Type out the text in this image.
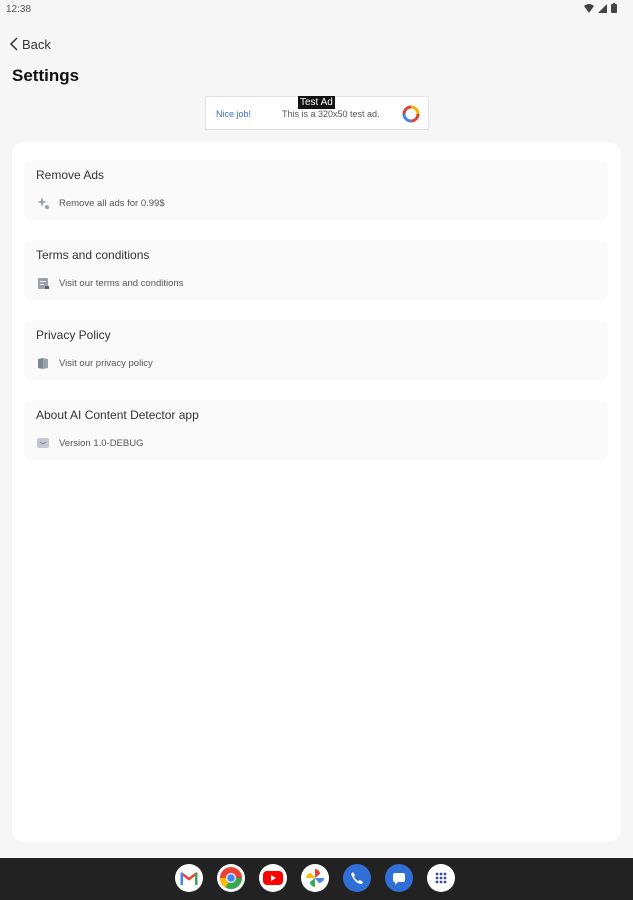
12:38
Back
Settings
Test Ad
Nice job!	This is a 320x50 test ad.
Remove Ads
Remove all ads for 0.99$
Terms and conditions
Visit our terms and conditions
Privacy Policy
Visit our privacy policy
About AI Content Detector app
Version 1.0-DEBUG
